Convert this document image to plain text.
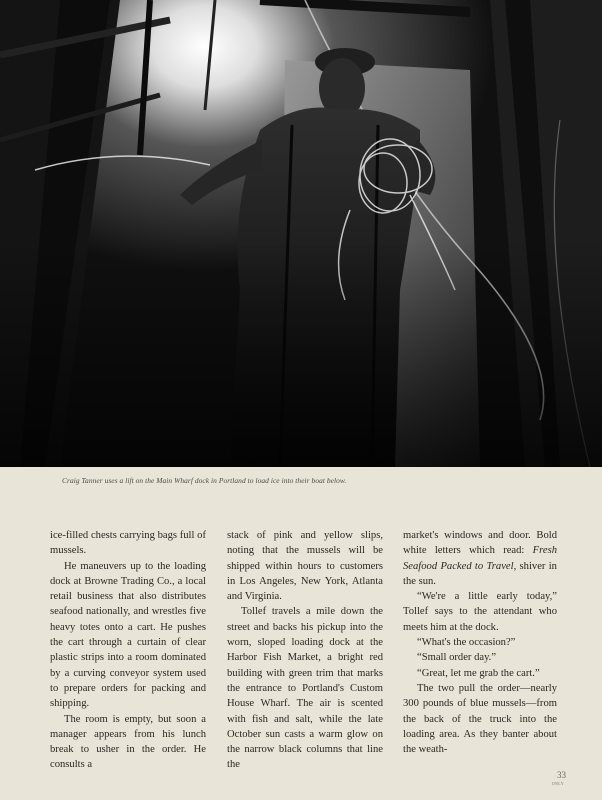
Craig Tanner uses a lift on the Main Wharf dock in Portland to load ice into their boat below.

ice-filled chests carrying bags full of mussels.

He maneuvers up to the loading dock at Browne Trading Co., a local retail business that also distributes seafood nationally, and wrestles five heavy totes onto a cart. He pushes the cart through a curtain of clear plastic strips into a room dominated by a curving conveyor system used to prepare orders for packing and shipping.

The room is empty, but soon a manager appears from his lunch break to usher in the order. He consults a

stack of pink and yellow slips, noting that the mussels will be shipped within hours to customers in Los Angeles, New York, Atlanta and Virginia.

Tollef travels a mile down the street and backs his pickup into the worn, sloped loading dock at the Harbor Fish Market, a bright red building with green trim that marks the entrance to Portland's Custom House Wharf. The air is scented with fish and salt, while the late October sun casts a warm glow on the narrow black columns that line the

market's windows and door. Bold white letters which read: Fresh Seafood Packed to Travel, shiver in the sun.

“We're a little early today,” Tollef says to the attendant who meets him at the dock.

“What's the occasion?”

“Small order day.”

“Great, let me grab the cart.”

The two pull the order—nearly 300 pounds of blue mussels—from the back of the truck into the loading area. As they banter about the weath-

33
ONLY
